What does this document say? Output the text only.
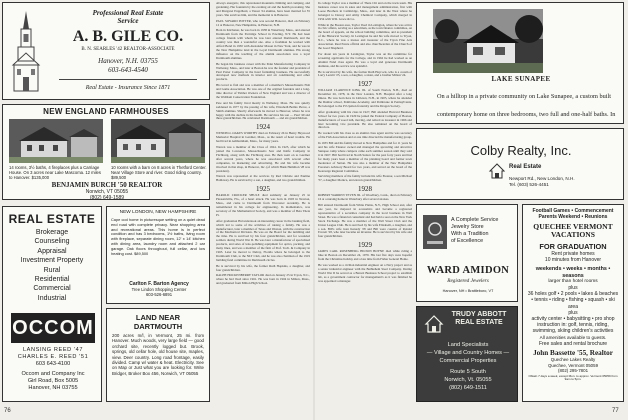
Professional Real Estate Service
A. B. GILE CO.
B. N. SEARLES '42 REALTOR-ASSOCIATE
Hanover, N.H. 03755
603-643-4540
Real Estate - Insurance Since 1871
NEW ENGLAND FARMHOUSES
14 rooms, 3½ baths, 4 fireplaces plus a Carriage House. On 3 acres near Lake Mascoma. 12 miles to Hanover. $135,000
10 rooms with a barn on 8 acres in Thetford Center. Near Village Store and river. Good riding country. $89,500
BENJAMIN BURCH '50 REALTOR
Norwich, VT 05055
(802) 649-1589
REAL ESTATE
Brokerage
Counseling
Appraisal
Investment Property
Rural
Residential
Commercial
Industrial
OCCOM
LANSING REED '47
CHARLES E. REED '51
603 643-4100
Occom and Company Inc
Girl Road, Box 5005
Hanover, NH 03755
NEW LONDON, NEW HAMPSHIRE
Cape cod home in picturesque setting on a quiet dead end road with complete privacy. Near shopping area and recreational areas. This home is in perfect condition and has 3 bedrooms, 1½ baths, living room with fireplace, separate dining room, 12' x 14' kitchen with dining area, laundry room and attached 2 car garage. Oak floors throughout, full cellar, and low heating cost. $89,500
Carlton F. Barton Agency
Tree Lindon Shopping Center
603-526-6891
LAND NEAR DARTMOUTH
200 acres m/l, in Vermont, 25 mi. from Hanover. Much woods, very large field — good orchard site, recently logged but. Brook, springs, old cellar hole, old house site, maples, view. Deer country. Long road frontage, easily divided. Camp w/ water & heat. Electricity. See on Map or Just what you are looking for. Write Bridger, Broker Box 456, Norwich, VT 05055
76

Always energetic, this rejuvenated mountain climbing and camping, and gardening. Her fountain by the evening air and the health provoking. She and Margaret Engelhard, a Vassar '24 alumna, have been married for 55 years. She survives him, and the memorial is in Hanover.

PAUL SOYARD POTTER, who was second Hanover, died on February 12 at Hanover, New Hampshire, in Hanover, N.H.

Born in Kitchener, he was born in 1938 in Waterbury, Mass., and entered Dartmouth from the Partridge School in Pawling, N.Y. He had been college friends with whom he was later entered Dartmouth, and the country was then a wonderful one. Also a freshman he worked with Alfred Bond in 1930 with Alexander Mason in New York, and he was in the New Hampshire land in the Loyal Dartmouth alumnus. His strong influence on the teaching of the alumni association was a loyal Dartmouth alumnus.

He began his business career with the Penn Manufacturing Company in Wellesley, Mass., and later at Boston he was the founder and president of Paul Potter Company in the hotel furnishing business. He successfully developed new methods in interior and air conditioning and other products.

His loved to fish and was a member of a member's Massachusetts Fish and Game Association. He was one of the original founders and a long-time director of Timber Owners of New England and was a director of the Waltham Conservation Foundation.

Pete and his family lived mostly in Wellesley, Mass. He was quietly saddened in 1977 by the passing of his wife, Elizabeth Bemis Pierce, a Smith alumnus. Shortly afterwards he moved to Hanover, where he was happy with the decline in his health. He survives his son — Paul '49 and three grandchildren. He celebrated Dartmouth — and six grandchildren.

1924

WENDELL OAKES WORTHY died on February 26 in Henry Haywood Memorial Hospital in Gardner, Mass., as the result of heart trouble. He had lived in Ashburnham, Mass., for many years.

Warren was a member of the Class of 1924. In 1925, after which he joined the Lawrence, Massachusetts Saw and Knife Company in Fitchburg, along with the Fitchburg area. He then went on to Gardner after several years, where he was associated with several other companies, in marketing and advertising. He and his wife became involved in that shop, in Hanover, Inc. (of which Hank Hamilton '28 was president).

Warren was represented at the services by Red Christie and Pauline Hathaway. He is survived by a son, a daughter, and two grandchildren.

1925

HAROLD CROCKER SHULE died suddenly on January 25 in Pleasantville, Fla., of a heart attack. He was born in 1903 in Newton, Mass., and came to Dartmouth from Worcester Academy. He is remembered in his college for engineering. In mathematics, was secretary of the Mathematical Society, and was a member of Beta Theta Pi.

After graduation Hal undertook an interesting career in the banking field, which led to some of the activities of raising a family. He was a manufacturer, later a member of Texas and Weston, with the construction of the Mechanical Division. He was on the Board for the tumbling and the time. He is survived by his four grandchildren, and for wounded soldiers during World War II. He was later a manufacturer of specialized products, and sales of lens-polishing equipment for optics, packing, and many lines, and was a member of the firm of Prof. Tech. & Company in 1965. Later he moved to Delray, Florida where he belonged to the Dartmouth Club, to the NLT Club, and he was also chairman of the 1919 building fund committee in Dartmouth circles.

He is survived by his wife, the former Ruth Hopkins, a daughter, and four grandchildren.

RALPH HOCKENBERRY TAYLOR died on January 25 in Tryon, N.C., where he had lived since 1961. He was born in 1904 in Milton, Mass., and graduated from Milton High School.

In college Taylor was a member of Theta Chi and on the track team. His business career was in sales and management administration, first with Loose Brothers in Cambridge, Mass., and later in the West where he belonged to Dewey and Almy Chemical Company, which merged in 1954 with W.R. Grace & Co.

While in the Boston area, Taylor lived in Lexington, where he was active in civic affairs, serving as a selectman, as the town finance committee, on the board of appeals, on the school building committee, and as president of the Historical Society. In Lexington he and his wife moved to Tryon, N.C., where he was a trustee and treasurer of the Tryon Fine Arts Association. Real Estate official and also churchwarden of the Church of the Good Shepherd.

For about ten years in Lexington, Taylor was on the committee for screening applicants for the College, and in 1962 he had worked as an Alumni Fund class agent. He was a loyal and generous Dartmouth alumnus, and his service was splendid.

He is survived by his wife, the former Ruth Haycock, who is a cousin of Larry Leavitt '25, a son, a daughter, a sister, and a brother Milton '24.

1927

WILLIAM CLARENCE KING JR. of South Norton, N.H., died on December 26, 1978, in the New London, N.H. Hospital after a long illness. He was born here in Littleton, N.H., in 1905, where he attended the Dunbar school, Pembroke Academy, and Pembroke in Pennsylvania. He belonged to the Pi Upsilon fraternity and the Dragon Society.

After graduating with his class in 1927, Bill attended Harvard Business School for two years. In 1929 he joined the Federal Company of Boston, manufacturers of wood lath, moving, and retired as treasurer in 1966 and later becoming vice president. He also remained on the board of directors.

He worked with his class as an alumni class agent and he was secretary of the Fish Association and at one time directed the manufacturing group.

In 1935 Bill and his family moved to New Hampshire and for 11 years he and his wife Eleanor owned and managed the sprawling and attractive Sunapee camp where campers came each summer season until they sold it in 1967. Bill had lived in North Sutton for the past forty years and had for many years been a member of the planning board and former town moderator of Sutton. He was also a member of the New Hampshire Foresters Advisory Board for two years, and served on the board of the Kearsarge Regional Committee.

Surviving members of the family include his wife Eleanor, a son Michael '57, a daughter Monica, and eleven grandchildren.

1928

ROBERT WARREN TEVEN JR. of Woodbury, Conn., died on February 16 at a nursing home in Waterbury after several strokes.

Bill entered Dartmouth from White Plains, N.Y., High School and, after one year, he majored in economics and became a registered representative of a securities company in the local business in Wall Street. He was a financial consultant and had held a seat on the New York Stock Exchange. He was a member of the Wall Street Club and the Union League Club. He is survived by his wife Elizabeth, a daughter, and a son. Bill's wife Jean Kenedy '28 and Bill were cousins of Roland Everett '28, who later became an inventor. He is survived by his wife and four grandchildren.

1929

JAMES CARL ROSENBERG HILTON BOYNE died while riding a bike in Boston on December 24, 1979. His last five days were hopeful from the Christmas holiday and a late time from Fisher General Home.

He was worked as a civilian industrial engineer on a Navy project and as a senior industrial engineer with the Bethlehem Steel Company. During World War II he served as a Barrett Business School project to establish lab, as a government contractor for management's as it was finished he was appointed a manager.

LAKE SUNAPEE
On a hilltop in a private community on Lake Sunapee, a custom built contemporary home on three bedrooms, two full and one-half baths. In
Colby Realty, Inc.
Real Estate
Newport Rd., New London, N.H.
Tel. (603) 526-4451
A Complete Service
Jewelry Store
With a Tradition
of Excellence
WARD AMIDON
Registered Jewelers
Hanover, NH • Brattleboro, VT
TRUDY ABBOTT REAL ESTATE
Land Specialists
— Village and Country Homes —
Commercial Properties
Route 5 South
Norwich, Vt. 05055
(802) 649-1511
Football Games • Commencement Parents Weekend • Reunions
QUECHEE VERMONT VACATIONS
FOR GRADUATION
Rent private homes
10 minutes from Hanover
weekends • weeks • months • seasons
larger than hotel rooms
plus
36 holes golf • 2 pools • lakes & beaches • tennis • riding • fishing • squash • ski area
plus
activity center • babysitting • pro shop instruction in: golf, tennis, riding, swimming, skiing children's activities
All amenities available to guests.
Free sales and rental brochure
John Bassette '55, Realtor
Quechee Lakes Realty
Quechee, Vermont 05059
(802) 295-7801
Obtain 7 days a week, except Mon. to approx. Vermont 05059 from 9am to 5pm.
77
